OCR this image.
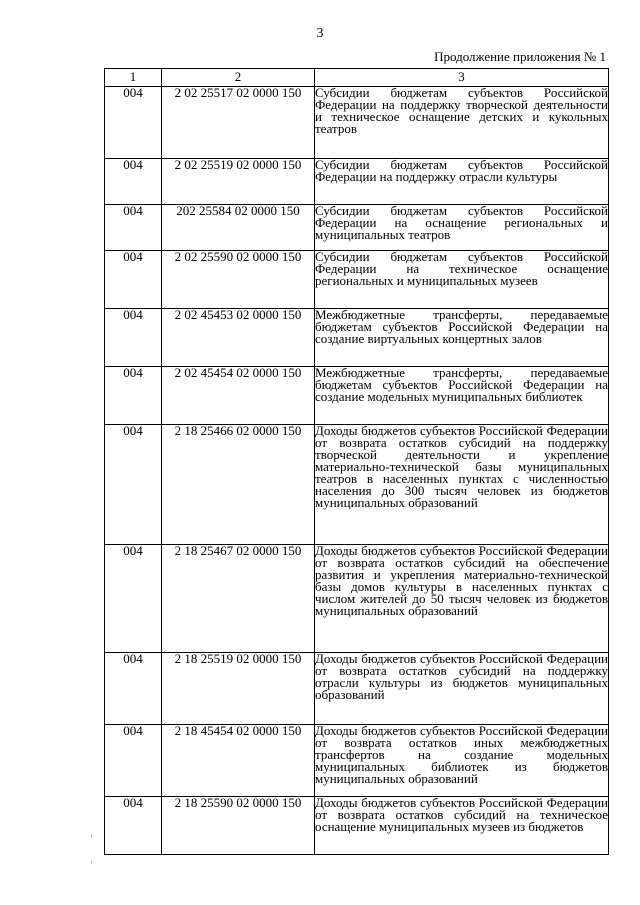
3
Продолжение приложения № 1
1	2	3
004	2 02 25517 02 0000 150	Субсидии бюджетам субъектов Российской Федерации на поддержку творческой деятельности и техническое оснащение детских и кукольных театров
004	2 02 25519 02 0000 150	Субсидии бюджетам субъектов Российской Федерации на поддержку отрасли культуры
004	202 25584 02 0000 150	Субсидии бюджетам субъектов Российской Федерации на оснащение региональных и муниципальных театров
004	2 02 25590 02 0000 150	Субсидии бюджетам субъектов Российской Федерации на техническое оснащение региональных и муниципальных музеев
004	2 02 45453 02 0000 150	Межбюджетные трансферты, передаваемые бюджетам субъектов Российской Федерации на создание виртуальных концертных залов
004	2 02 45454 02 0000 150	Межбюджетные трансферты, передаваемые бюджетам субъектов Российской Федерации на создание модельных муниципальных библиотек
004	2 18 25466 02 0000 150	Доходы бюджетов субъектов Российской Федерации от возврата остатков субсидий на поддержку творческой деятельности и укрепление материально-технической базы муниципальных театров в населенных пунктах с численностью населения до 300 тысяч человек из бюджетов муниципальных образований
004	2 18 25467 02 0000 150	Доходы бюджетов субъектов Российской Федерации от возврата остатков субсидий на обеспечение развития и укрепления материально-технической базы домов культуры в населенных пунктах с числом жителей до 50 тысяч человек из бюджетов муниципальных образований
004	2 18 25519 02 0000 150	Доходы бюджетов субъектов Российской Федерации от возврата остатков субсидий на поддержку отрасли культуры из бюджетов муниципальных образований
004	2 18 45454 02 0000 150	Доходы бюджетов субъектов Российской Федерации от возврата остатков иных межбюджетных трансфертов на создание модельных муниципальных библиотек из бюджетов муниципальных образований
004	2 18 25590 02 0000 150	Доходы бюджетов субъектов Российской Федерации от возврата остатков субсидий на техническое оснащение муниципальных музеев из бюджетов
·
·
